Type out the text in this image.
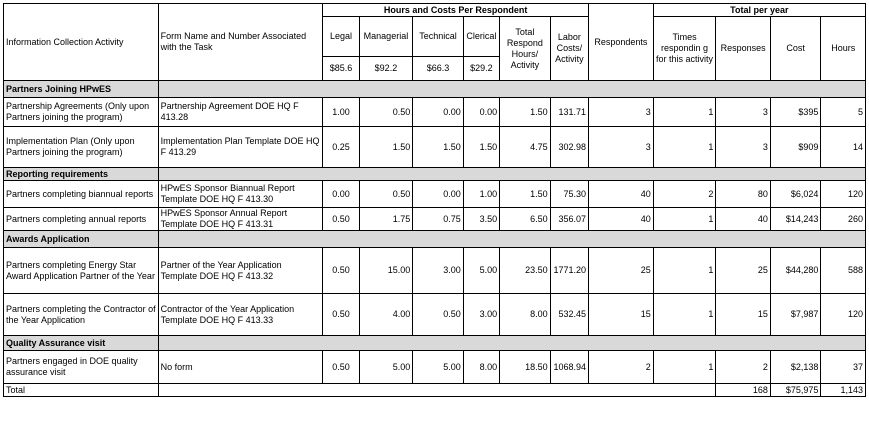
Information Collection Activity	Form Name and Number Associated with the Task	Hours and Costs Per Respondent						Respondents	Total per year			
		Legal	Managerial	Technical	Clerical	Total Respond Hours/ Activity	Labor Costs/ Activity		Times respondin g for this activity	Responses	Cost	Hours
		$85.6	$92.2	$66.3	$29.2							
Partners Joining HPwES												
Partnership Agreements (Only upon Partners joining the program)	Partnership Agreement DOE HQ F 413.28	1.00	0.50	0.00	0.00	1.50	131.71	3	1	3	$395	5
Implementation Plan (Only upon Partners joining the program)	Implementation Plan Template DOE HQ F 413.29	0.25	1.50	1.50	1.50	4.75	302.98	3	1	3	$909	14
Reporting requirements												
Partners completing biannual reports	HPwES Sponsor Biannual Report Template DOE HQ F 413.30	0.00	0.50	0.00	1.00	1.50	75.30	40	2	80	$6,024	120
Partners completing annual reports	HPwES Sponsor Annual Report Template DOE HQ F 413.31	0.50	1.75	0.75	3.50	6.50	356.07	40	1	40	$14,243	260
Awards Application												
Partners completing Energy Star Award Application Partner of the Year	Partner of the Year Application Template DOE HQ F 413.32	0.50	15.00	3.00	5.00	23.50	1771.20	25	1	25	$44,280	588
Partners completing the Contractor of the Year Application	Contractor of the Year Application Template DOE HQ F 413.33	0.50	4.00	0.50	3.00	8.00	532.45	15	1	15	$7,987	120
Quality Assurance visit												
Partners engaged in DOE quality assurance visit	No form	0.50	5.00	5.00	8.00	18.50	1068.94	2	1	2	$2,138	37
Total										168	$75,975	1,143
